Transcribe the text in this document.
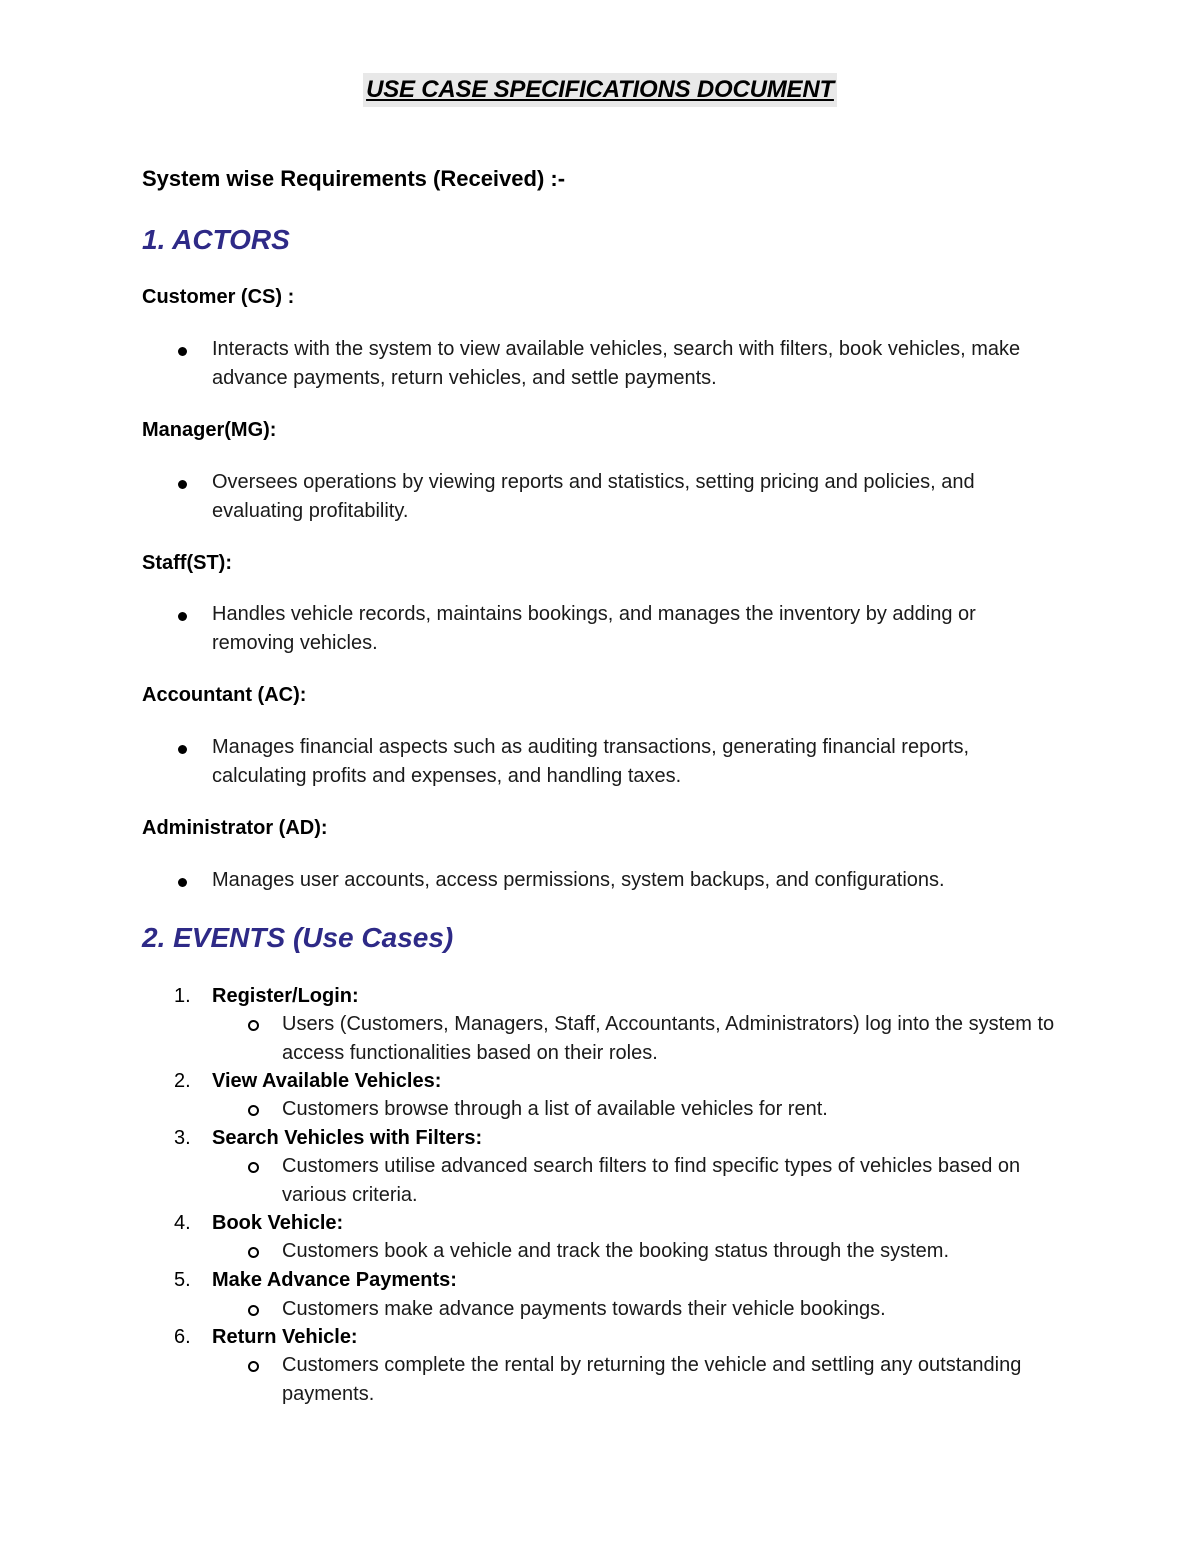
USE CASE SPECIFICATIONS DOCUMENT
System wise Requirements (Received) :-
1. ACTORS
Customer (CS) :

Interacts with the system to view available vehicles, search with filters, book vehicles, make advance payments, return vehicles, and settle payments.

Manager(MG):

Oversees operations by viewing reports and statistics, setting pricing and policies, and evaluating profitability.

Staff(ST):

Handles vehicle records, maintains bookings, and manages the inventory by adding or removing vehicles.

Accountant (AC):

Manages financial aspects such as auditing transactions, generating financial reports, calculating profits and expenses, and handling taxes.

Administrator (AD):

Manages user accounts, access permissions, system backups, and configurations.

2. EVENTS (Use Cases)
1.	Register/Login:

Users (Customers, Managers, Staff, Accountants, Administrators) log into the system to access functionalities based on their roles.

2.	View Available Vehicles:

Customers browse through a list of available vehicles for rent.

3.	Search Vehicles with Filters:

Customers utilise advanced search filters to find specific types of vehicles based on various criteria.

4.	Book Vehicle:

Customers book a vehicle and track the booking status through the system.

5.	Make Advance Payments:

Customers make advance payments towards their vehicle bookings.

6.	Return Vehicle:

Customers complete the rental by returning the vehicle and settling any outstanding payments.
